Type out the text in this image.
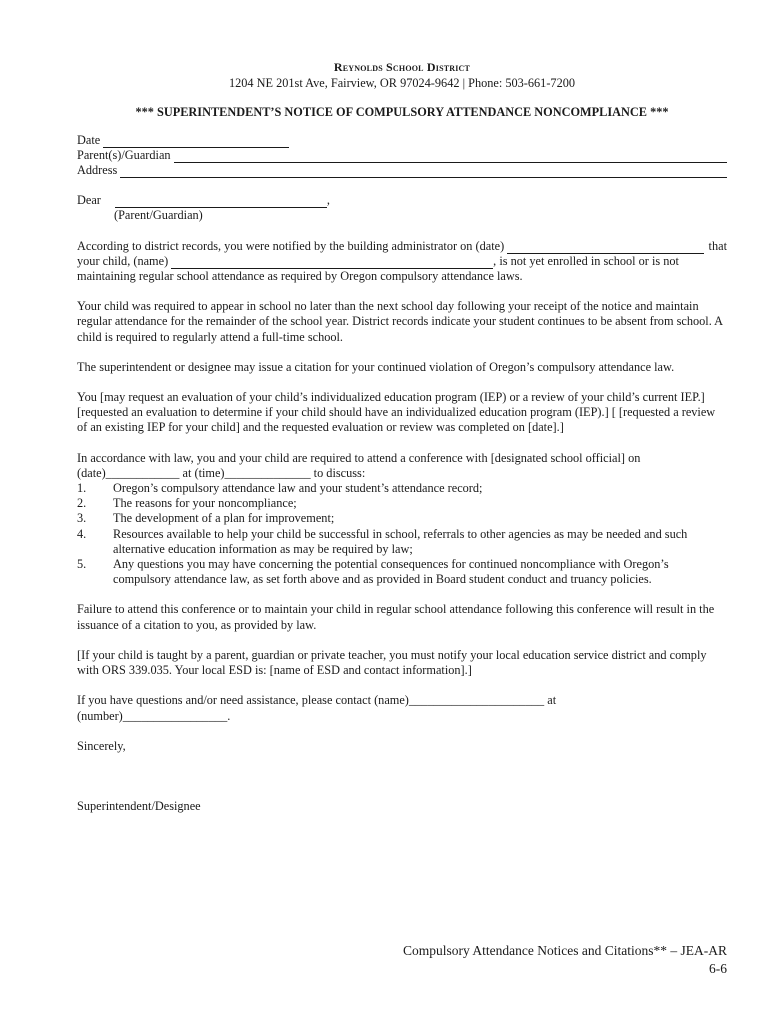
Reynolds School District
1204 NE 201st Ave, Fairview, OR 97024-9642 | Phone: 503-661-7200
*** SUPERINTENDENT’S NOTICE OF COMPULSORY ATTENDANCE NONCOMPLIANCE ***
Date
Parent(s)/Guardian
Address
Dear	,
(Parent/Guardian)
According to district records, you were notified by the building administrator on (date)	that
your child, (name)	, is not yet enrolled in school or is not
maintaining regular school attendance as required by Oregon compulsory attendance laws.

Your child was required to appear in school no later than the next school day following your receipt of the notice and maintain regular attendance for the remainder of the school year. District records indicate your student continues to be absent from school. A child is required to regularly attend a full-time school.

The superintendent or designee may issue a citation for your continued violation of Oregon’s compulsory attendance law.

You [may request an evaluation of your child’s individualized education program (IEP) or a review of your child’s current IEP.] [requested an evaluation to determine if your child should have an individualized education program (IEP).] [ [requested a review of an existing IEP for your child] and the requested evaluation or review was completed on [date].]

In accordance with law, you and your child are required to attend a conference with [designated school official] on
(date)____________ at (time)______________ to discuss:
1.	Oregon’s compulsory attendance law and your student’s attendance record;
2.	The reasons for your noncompliance;
3.	The development of a plan for improvement;
4.	Resources available to help your child be successful in school, referrals to other agencies as may be needed and such alternative education information as may be required by law;
5.	Any questions you may have concerning the potential consequences for continued noncompliance with Oregon’s compulsory attendance law, as set forth above and as provided in Board student conduct and truancy policies.

Failure to attend this conference or to maintain your child in regular school attendance following this conference will result in the issuance of a citation to you, as provided by law.

[If your child is taught by a parent, guardian or private teacher, you must notify your local education service district and comply with ORS 339.035. Your local ESD is: [name of ESD and contact information].]

If you have questions and/or need assistance, please contact (name)______________________ at
(number)_________________.
Sincerely,
Superintendent/Designee
Compulsory Attendance Notices and Citations** – JEA-AR
6-6
